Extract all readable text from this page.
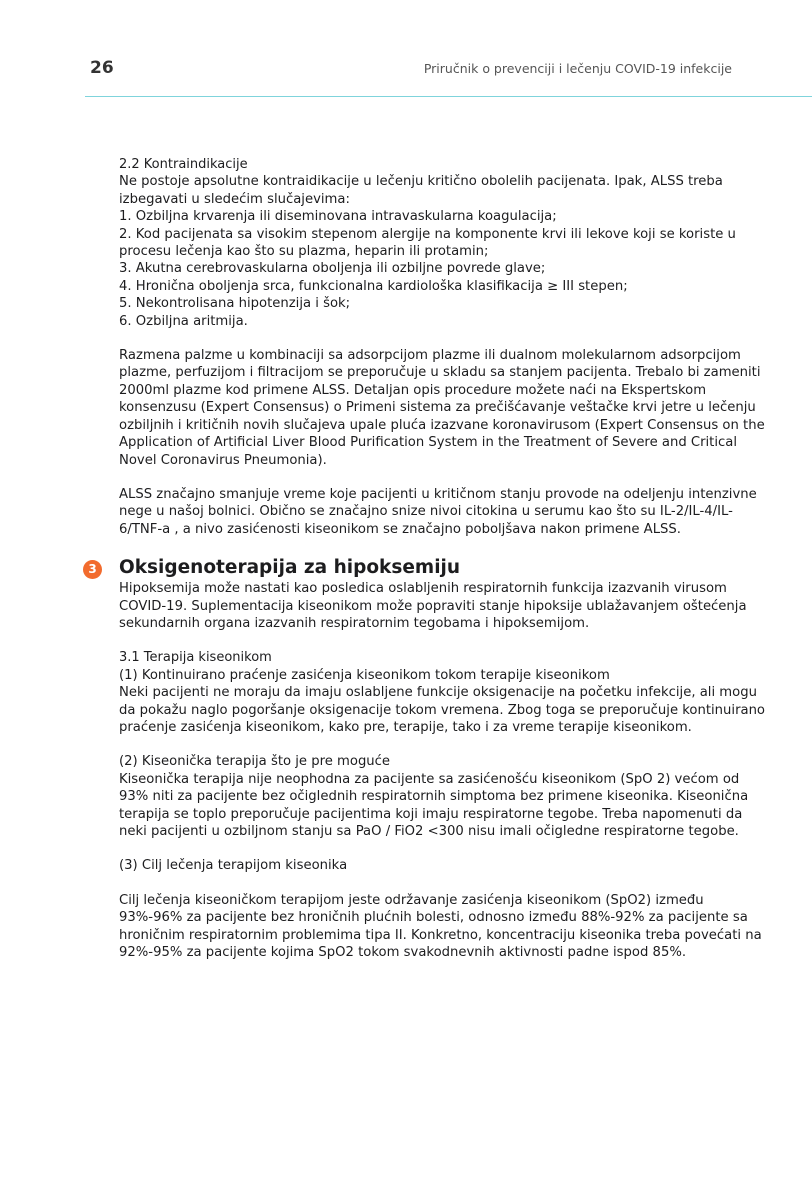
26	Priručnik o prevenciji i lečenju COVID-19 infekcije

2.2 Kontraindikacije

Ne postoje apsolutne kontraidikacije u lečenju kritično obolelih pacijenata. Ipak, ALSS treba izbegavati u sledećim slučajevima:

1. Ozbiljna krvarenja ili diseminovana intravaskularna koagulacija;
2. Kod pacijenata sa visokim stepenom alergije na komponente krvi ili lekove koji se koriste u procesu lečenja kao što su plazma, heparin ili protamin;
3. Akutna cerebrovaskularna oboljenja ili ozbiljne povrede glave;
4. Hronična oboljenja srca, funkcionalna kardiološka klasifikacija ≥ III stepen;
5. Nekontrolisana hipotenzija i šok;
6. Ozbiljna aritmija.

Razmena palzme u kombinaciji sa adsorpcijom plazme ili dualnom molekularnom adsorpcijom plazme, perfuzijom i filtracijom se preporučuje u skladu sa stanjem pacijenta. Trebalo bi zameniti 2000ml plazme kod primene ALSS. Detaljan opis procedure možete naći na Ekspertskom konsenzusu (Expert Consensus) o Primeni sistema za prečišćavanje veštačke krvi jetre u lečenju ozbiljnih i kritičnih novih slučajeva upale pluća izazvane koronavirusom (Expert Consensus on the Application of Artificial Liver Blood Purification System in the Treatment of Severe and Critical Novel Coronavirus Pneumonia).

ALSS značajno smanjuje vreme koje pacijenti u kritičnom stanju provode na odeljenju intenzivne nege u našoj bolnici. Obično se značajno snize nivoi citokina u serumu kao što su IL-2/IL-4/IL-6/TNF-a , a nivo zasićenosti kiseonikom se značajno poboljšava nakon primene ALSS.

3 Oksigenoterapija za hipoksemiju

Hipoksemija može nastati kao posledica oslabljenih respiratornih funkcija izazvanih virusom COVID-19. Suplementacija kiseonikom može popraviti stanje hipoksije ublažavanjem oštećenja sekundarnih organa izazvanih respiratornim tegobama i hipoksemijom.

3.1 Terapija kiseonikom

(1) Kontinuirano praćenje zasićenja kiseonikom tokom terapije kiseonikom

Neki pacijenti ne moraju da imaju oslabljene funkcije oksigenacije na početku infekcije, ali mogu da pokažu naglo pogoršanje oksigenacije tokom vremena. Zbog toga se preporučuje kontinuirano praćenje zasićenja kiseonikom, kako pre, terapije, tako i za vreme terapije kiseonikom.

(2) Kiseonička terapija što je pre moguće

Kiseonička terapija nije neophodna za pacijente sa zasićenošću kiseonikom (SpO 2) većom od 93% niti za pacijente bez očiglednih respiratornih simptoma bez primene kiseonika. Kiseonična terapija se toplo preporučuje pacijentima koji imaju respiratorne tegobe. Treba napomenuti da neki pacijenti u ozbiljnom stanju sa PaO / FiO2 <300 nisu imali očigledne respiratorne tegobe.

(3) Cilj lečenja terapijom kiseonika

Cilj lečenja kiseoničkom terapijom jeste održavanje zasićenja kiseonikom (SpO2) između 93%-96% za pacijente bez hroničnih plućnih bolesti, odnosno između 88%-92% za pacijente sa hroničnim respiratornim problemima tipa II. Konkretno, koncentraciju kiseonika treba povećati na 92%-95% za pacijente kojima SpO2 tokom svakodnevnih aktivnosti padne ispod 85%.
